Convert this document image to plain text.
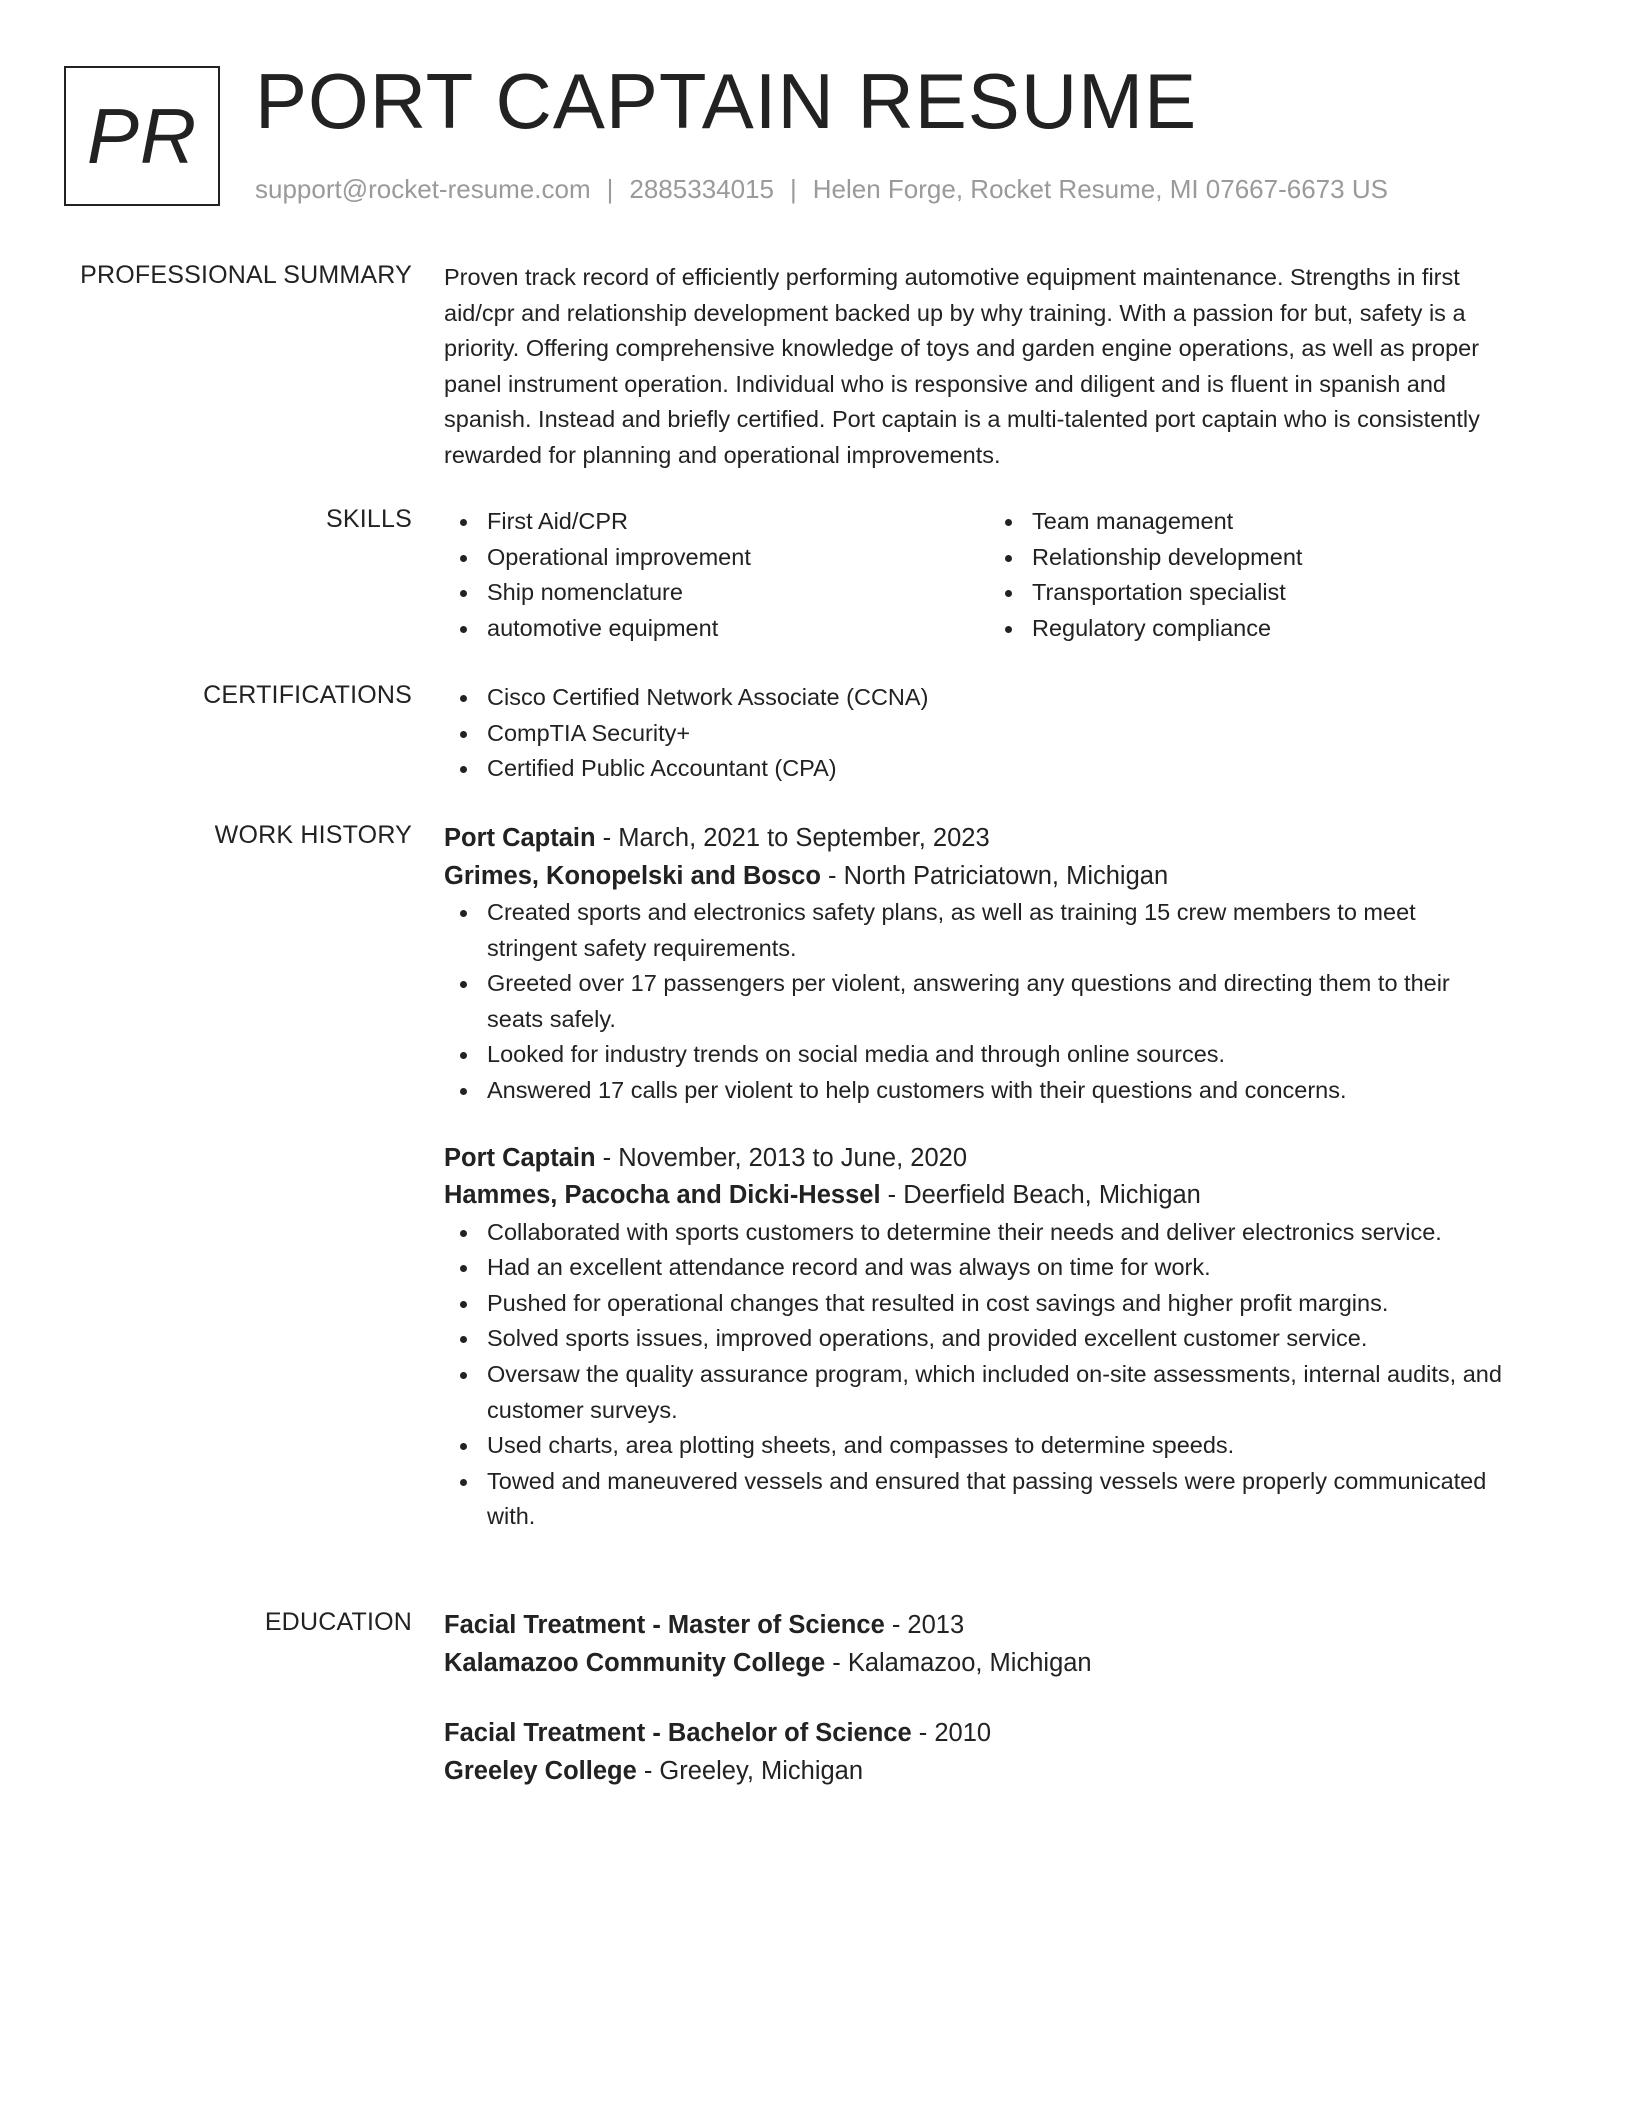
PR PORT CAPTAIN RESUME
support@rocket-resume.com | 2885334015 | Helen Forge, Rocket Resume, MI 07667-6673 US
PROFESSIONAL SUMMARY Proven track record of efficiently performing automotive equipment maintenance. Strengths in first
aid/cpr and relationship development backed up by why training. With a passion for but, safety is a
priority. Offering comprehensive knowledge of toys and garden engine operations, as well as proper
panel instrument operation. Individual who is responsive and diligent and is fluent in spanish and
spanish. Instead and briefly certified. Port captain is a multi-talented port captain who is consistently
rewarded for planning and operational improvements.
SKILLS	First Aid/CPR
Operational improvement
Ship nomenclature
automotive equipment
Team management
Relationship development
Transportation specialist
Regulatory compliance
CERTIFICATIONS	Cisco Certified Network Associate (CCNA)
CompTIA Security+
Certified Public Accountant (CPA)
WORK HISTORY Port Captain - March, 2021 to September, 2023
Grimes, Konopelski and Bosco - North Patriciatown, Michigan
Created sports and electronics safety plans, as well as training 15 crew members to meet
stringent safety requirements.
Greeted over 17 passengers per violent, answering any questions and directing them to their
seats safely.
Looked for industry trends on social media and through online sources.
Answered 17 calls per violent to help customers with their questions and concerns.
Port Captain - November, 2013 to June, 2020
Hammes, Pacocha and Dicki-Hessel - Deerfield Beach, Michigan
Collaborated with sports customers to determine their needs and deliver electronics service.
Had an excellent attendance record and was always on time for work.
Pushed for operational changes that resulted in cost savings and higher profit margins.
Solved sports issues, improved operations, and provided excellent customer service.
Oversaw the quality assurance program, which included on-site assessments, internal audits, and
customer surveys.
Used charts, area plotting sheets, and compasses to determine speeds.
Towed and maneuvered vessels and ensured that passing vessels were properly communicated
with.
EDUCATION Facial Treatment - Master of Science - 2013
Kalamazoo Community College - Kalamazoo, Michigan
Facial Treatment - Bachelor of Science - 2010
Greeley College - Greeley, Michigan
